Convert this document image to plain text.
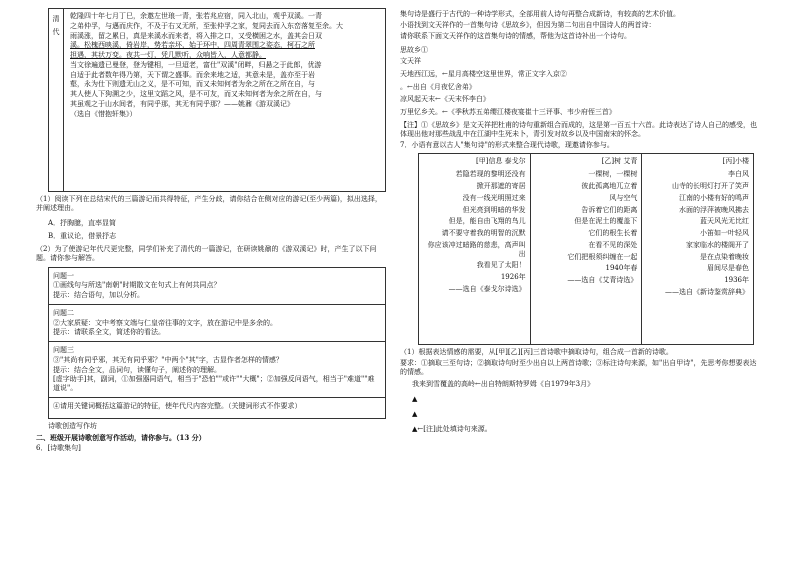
清
代

乾隆四十年七月丁巳，余邀左世琅一青，张若兆应宿，同入北山，观乎双溪。一青

之弟仲孚，与邁而庆作，不及于右又无所，至张仲孚之家，复同去而入东峦落复至余。大

雨溪涨，留之累日，真是来溪水而来者，将入排之口，又受横困之水，盖其会日双

溪。松槐西映溪，倚岩岸，势若亲坏，始于环中，四周青翠围之姿态，柯石之所

担遇，其状万变。夜共一灯，凭几默听，众响皆入，人意都静。

当文徐遍遗已曼登，登为键相，一旦迢老，富仕"双溪"闭畔，归悬之于此郎，优游

自适于此者数年得乃第，天下谓之盛事。而余来地之适，其意未是，盖亦至于岩

壑，永为仕下则遗无山之义，是不可知，而又未知何者为余之所在之所在自，与

其人使人下狗溯之少，这里文蹈之风，是不可友，而又未知何者为余之所在自，与

其虽观之于山水间者，有同乎那，其无有同乎那？——姚鼐《游双溪记》

（选自《惜抱轩集》）

（1）阅读下列在总结宋代的三篇游记而共得特征，产生分歧，请你结合在侧对应的游记(至少两篇)，拟出选择，并阐述理由。

A．抒胸臆，直率显简

B．重议论，借景抒志

（2）为了使游记年代尺更完整，同学们补充了清代的一篇游记，在研读姚鼐的《游双溪记》时，产生了以下问题。请你参与解答。

问题一

①画线句与所选"南朝"时期散文在句式上有何共同点？

提示：结合语句，加以分析。

问题二

②大家质疑：文中考察文端与仁皇帝往事的文字，放在游记中是多余的。

提示：请联系全文，简述你的看法。

问题三

③"其尚有同乎邪，其无有同乎邪？"中两个"其"字，古显作者怎样的情感？

提示：结合全文，品词句，读懂句子，阐述你的理解。

[虚字助手]其，副词，①加强器同语气，相当于"恐怕""或许""大概"；②加强反问语气，相当于"难道""难道说"。

④请用关键词概括这篇游记的特征，使年代尺内容完整。（关键词形式不作要求）

诗歌创造写作坊

二、班级开展诗歌创意写作活动，请你参与。（13 分）

6．[诗歌集句]

集句诗是盛行于古代的一种诗学形式，全部用前人诗句再整合成新诗，有较高的艺术价值。

小语找到文天祥作的一首集句诗《思故乡》，但因为第二句出自中国诗人的两首诗：

请你联系下面文天祥作的这首集句诗的情感，帮他为这首诗补出一个诗句。

思故乡①

文天祥

天地西江远，←星月高楼空这里世界，常正文字入京②

。←出自《月夜忆舍弟》

凉风起天末←《天末怀李白》

万里忆乡关。←《季秋苏五弟缨江楼夜宴崔十三评事、韦少府侄三首》

【注】①《思故乡》是文天祥把杜甫的诗句重新组合而成的，这是第一百五十六首。此诗表达了诗人自己的感受，也体现出他对那些战乱中在江湖中生死未卜，青引发对故乡以及中国南宋的怀念。

7．小语有意以古人"集句诗"的形式来整合现代诗歌，现邀请你参与。

[甲]信息 泰戈尔
若隐若现的黎明还没有
掀开那遮的寄居
没有一线光明照过来
但光亮到明暗的华发
但是，能自由飞翔的鸟儿
请不要守着我的明智的沉默
你应该冲过暗路的慈悲，高声叫出
我看见了太阳！
1926年
——选自《泰戈尔诗选》
[乙]树 艾青
一棵树，一棵树
彼此孤离地兀立着
风与空气
告诉着它们的距离
但是在泥土的覆盖下
它们的根生长着
在看不见的深处
它们把根须纠缠在一起
1940年春
——选自《艾青诗选》
[丙]小楼
李白风
山寺的长明灯打开了笑声
江南的小楼有好的鸣声
水面的浮萍被晚风拂去
蓝天风光无比红
小笛如一叶轻风
家家临水的楼阁开了
是在点染着晚妆
眉间尽是春色
1936年
——选自《新诗鉴赏辞典》

（1）根据表达情感的需要，从[甲][乙][丙]三首诗歌中摘取诗句，组合成一首新的诗歌。

要求：①摘取三至句诗；②摘取诗句时至少出自以上两首诗歌；③标注诗句来源，如"出自甲诗"，先思考你想要表达的情感。

我来到雪覆盖的高岭←出自特朗斯特罗姆《自1979年3月》

▲

▲

▲←[注]此处填诗句来源。
